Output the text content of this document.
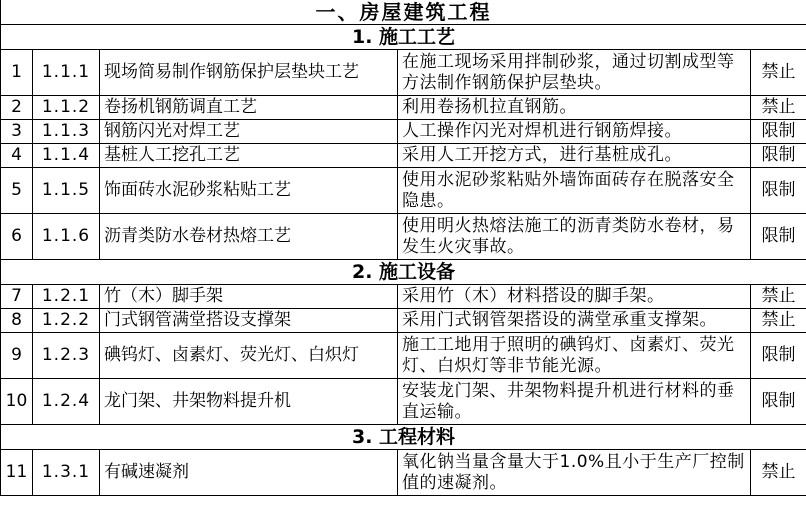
一、房屋建筑工程				
1. 施工工艺				
1	1.1.1	现场简易制作钢筋保护层垫块工艺	在施工现场采用拌制砂浆，通过切割成型等方法制作钢筋保护层垫块。	禁止
2	1.1.2	卷扬机钢筋调直工艺	利用卷扬机拉直钢筋。	禁止
3	1.1.3	钢筋闪光对焊工艺	人工操作闪光对焊机进行钢筋焊接。	限制
4	1.1.4	基桩人工挖孔工艺	采用人工开挖方式，进行基桩成孔。	限制
5	1.1.5	饰面砖水泥砂浆粘贴工艺	使用水泥砂浆粘贴外墙饰面砖存在脱落安全隐患。	限制
6	1.1.6	沥青类防水卷材热熔工艺	使用明火热熔法施工的沥青类防水卷材，易发生火灾事故。	限制
2. 施工设备				
7	1.2.1	竹（木）脚手架	采用竹（木）材料搭设的脚手架。	禁止
8	1.2.2	门式钢管满堂搭设支撑架	采用门式钢管架搭设的满堂承重支撑架。	禁止
9	1.2.3	碘钨灯、卤素灯、荧光灯、白炽灯	施工工地用于照明的碘钨灯、卤素灯、荧光灯、白炽灯等非节能光源。	限制
10	1.2.4	龙门架、井架物料提升机	安装龙门架、井架物料提升机进行材料的垂直运输。	限制
3. 工程材料				
11	1.3.1	有碱速凝剂	氧化钠当量含量大于1.0%且小于生产厂控制值的速凝剂。	禁止
